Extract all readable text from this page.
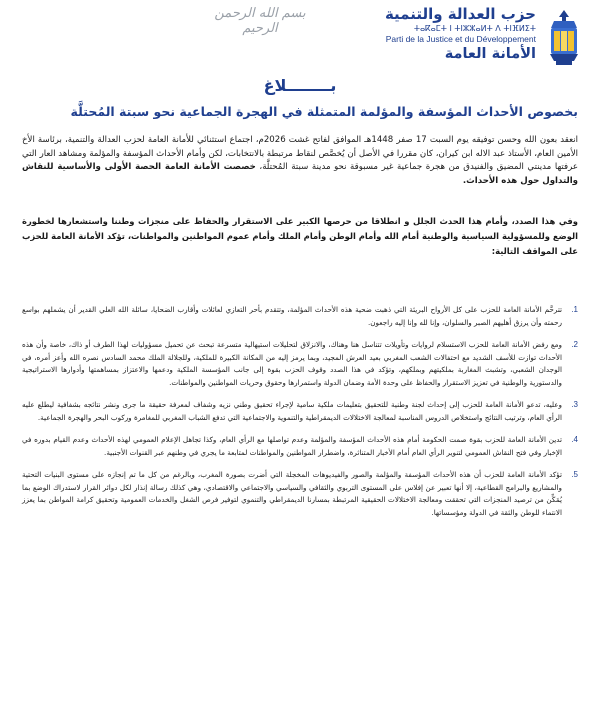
بسم الله الرحمن الرحيم
حزب العدالة والتنمية
ⵜⴰⴽⴰⵎⵜ ⵏ ⵜⵏⵣⵣⴰⵍⵜ ⴷ ⵜⵏⴼⵍⵉⵜ
Parti de la Justice et du Développement
الأمانة العامة
بــــــــلاغ
بخصوص الأحداث المؤسفة والمؤلمة المتمثلة في الهجرة الجماعية نحو سبتة المُحتلَّة
انعقد بعون الله وحسن توفيقه يوم السبت 17 صفر 1448هـ الموافق لفاتح غشت 2026م، اجتماع استثنائي للأمانة العامة لحزب العدالة والتنمية، برئاسة الأخ الأمين العام، الأستاذ عبد الاله ابن كيران، كان مقررا في الأصل أن يُخصَّص لنقاط مرتبطة بالانتخابات، لكن وأمام الأحداث المؤسفة والمؤلمة ومشاهد العار التي عرفتها مدينتي المضيق والفنيدق من هجرة جماعية غير مسبوقة نحو مدينة سبتة المُحتلَّة، خصصت الأمانة العامة الحصة الأولى والأساسية للنقاش والتداول حول هذه الأحداث.
وفي هذا الصدد، وأمام هذا الحدث الجلل و انطلاقا من حرصها الكبير على الاستقرار والحفاظ على منجزات وطننا واستشعارها لخطورة الوضع وللمسؤولية السياسية والوطنية أمام الله وأمام الوطن وأمام الملك وأمام عموم المواطنين والمواطنات، تؤكد الأمانة العامة للحزب على المواقف التالية:
1.
تترحَّم الأمانة العامة للحزب على كل الأرواح البريئة التي ذهبت ضحية هذه الأحداث المؤلمة، وتتقدم بأحر التعازي لعائلات وأقارب الضحايا، سائلة الله العلي القدير أن يشملهم بواسع رحمته وأن يرزق أهليهم الصبر والسلوان، وإنا لله وإنا إليه راجعون.
2.
ومع رفض الأمانة العامة للحزب الاستسلام لروايات وتأويلات تتناسل هنا وهناك، والانزلاق لتحليلات استيهالية متسرعة تبحث عن تحميل مسؤوليات لهذا الطرف أو ذاك، خاصة وأن هذه الأحداث توازت للأسف الشديد مع احتفالات الشعب المغربي بعيد العرش المجيد، وبما يرمز إليه من المكانة الكبيرة للملكية، وللجلالة الملك محمد السادس نصره الله وأعز أمره، في الوجدان الشعبي، وتشبث المغاربة بملكيتهم وبملكهم، وتؤكد في هذا الصدد وقوف الحزب بقوة إلى جانب المؤسسة الملكية ودعمها والاعتزاز بمساهمتها وأدوارها الاستراتيجية والدستورية والوطنية في تعزيز الاستقرار والحفاظ على وحدة الأمة وضمان الدولة واستمرارها وحقوق وحريات المواطنين والمواطنات.
3.
وعليه، تدعو الأمانة العامة للحزب إلى إحداث لجنة وطنية للتحقيق بتعليمات ملكية سامية لإجراء تحقيق وطني نزيه وشفاف لمعرفة حقيقة ما جرى ونشر نتائجه بشفافية ليطلع عليه الرأي العام، وترتيب النتائج واستخلاص الدروس المناسبة لمعالجة الاختلالات الديمقراطية والتنموية والاجتماعية التي تدفع الشباب المغربي للمغامرة وركوب البحر والهجرة الجماعية.
4.
تدين الأمانة العامة للحزب بقوة صمت الحكومة أمام هذه الأحداث المؤسفة والمؤلمة وعدم تواصلها مع الرأي العام، وكذا تجاهل الإعلام العمومي لهذه الأحداث وعدم القيام بدوره في الإخبار وفي فتح النقاش العمومي لتنوير الرأي العام أمام الأخبار المتناثرة، واضطرار المواطنين والمواطنات لمتابعة ما يجري في وطنهم عبر القنوات الأجنبية.
5.
تؤكد الأمانة العامة للحزب أن هذه الأحداث المؤسفة والمؤلمة والصور والفيديوهات المخجلة التي أضرت بصورة المغرب، وبالرغم من كل ما تم إنجازه على مستوى البنيات التحتية والمشاريع والبرامج القطاعية، إلا أنها تعبير عن إفلاس على المستوى التربوي والثقافي والسياسي والاجتماعي والاقتصادي، وهي كذلك رسالة إنذار لكل دوائر القرار لاستدراك الوضع بما يُمَكِّن من ترصيد المنجزات التي تحققت ومعالجة الاختلالات الحقيقية المرتبطة بمسارنا الديمقراطي والتنموي لتوفير فرص الشغل والخدمات العمومية وتحقيق كرامة المواطن بما يعزز الانتماء للوطن والثقة في الدولة ومؤسساتها.
